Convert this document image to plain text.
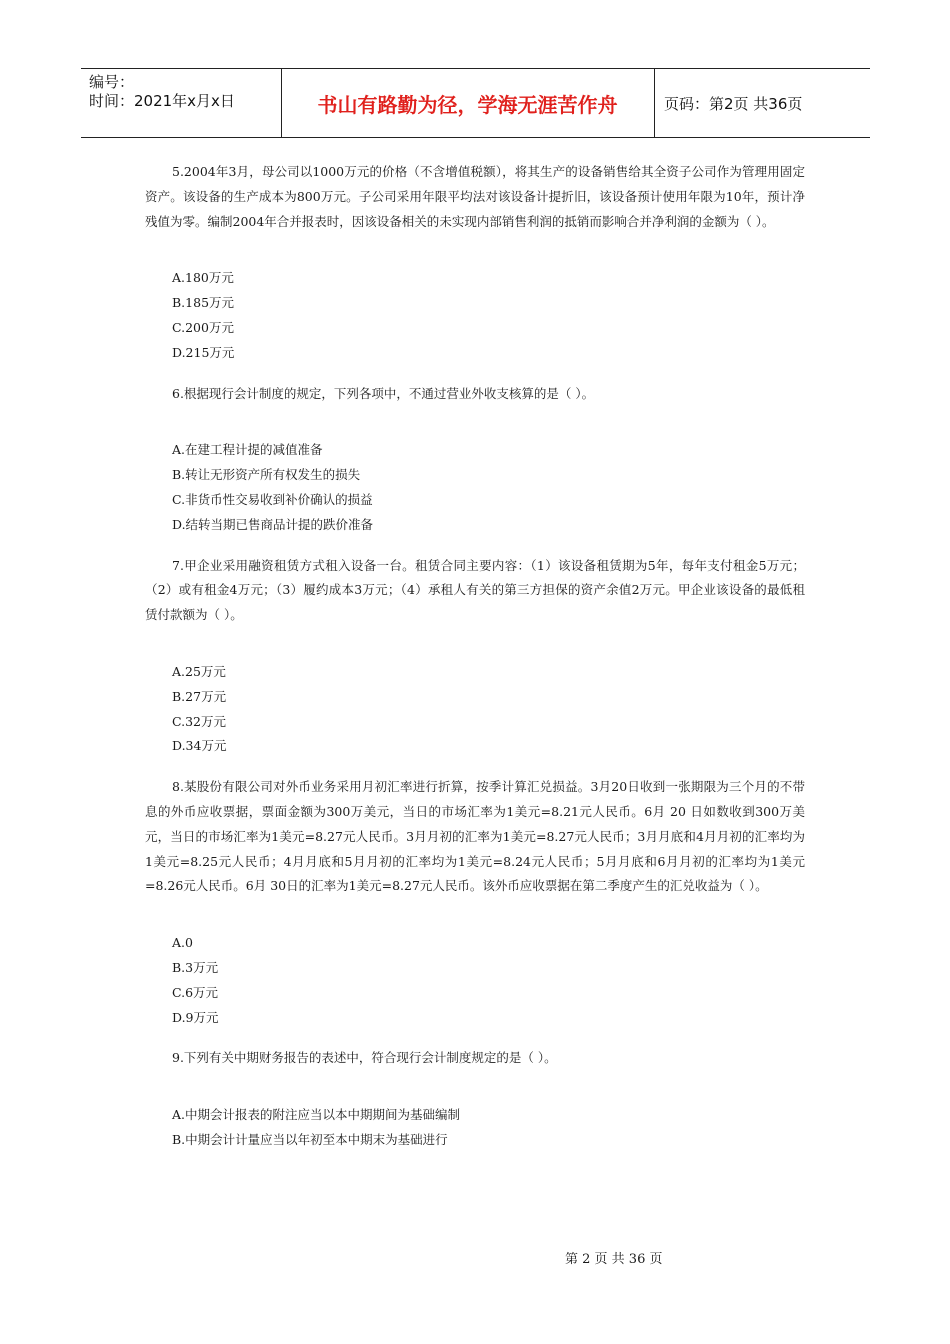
编号：
时间：2021年x月x日	书山有路勤为径，学海无涯苦作舟	页码：第2页 共36页

5.2004年3月，母公司以1000万元的价格（不含增值税额），将其生产的设备销售给其全资子公司作为管理用固定资产。该设备的生产成本为800万元。子公司采用年限平均法对该设备计提折旧，该设备预计使用年限为10年，预计净残值为零。编制2004年合并报表时，因该设备相关的未实现内部销售利润的抵销而影响合并净利润的金额为（ ）。

A.180万元
B.185万元
C.200万元
D.215万元

6.根据现行会计制度的规定，下列各项中，不通过营业外收支核算的是（ ）。

A.在建工程计提的减值准备
B.转让无形资产所有权发生的损失
C.非货币性交易收到补价确认的损益
D.结转当期已售商品计提的跌价准备

7.甲企业采用融资租赁方式租入设备一台。租赁合同主要内容：（1）该设备租赁期为5年，每年支付租金5万元；（2）或有租金4万元；（3）履约成本3万元；（4）承租人有关的第三方担保的资产余值2万元。甲企业该设备的最低租赁付款额为（ ）。

A.25万元
B.27万元
C.32万元
D.34万元

8.某股份有限公司对外币业务采用月初汇率进行折算，按季计算汇兑损益。3月20日收到一张期限为三个月的不带息的外币应收票据，票面金额为300万美元，当日的市场汇率为1美元=8.21元人民币。6月 20 日如数收到300万美元，当日的市场汇率为1美元=8.27元人民币。3月月初的汇率为1美元=8.27元人民币；3月月底和4月月初的汇率均为1美元=8.25元人民币；4月月底和5月月初的汇率均为1美元=8.24元人民币；5月月底和6月月初的汇率均为1美元=8.26元人民币。6月 30日的汇率为1美元=8.27元人民币。该外币应收票据在第二季度产生的汇兑收益为（ ）。

A.0
B.3万元
C.6万元
D.9万元

9.下列有关中期财务报告的表述中，符合现行会计制度规定的是（ ）。

A.中期会计报表的附注应当以本中期期间为基础编制
B.中期会计计量应当以年初至本中期末为基础进行
第 2 页 共 36 页
